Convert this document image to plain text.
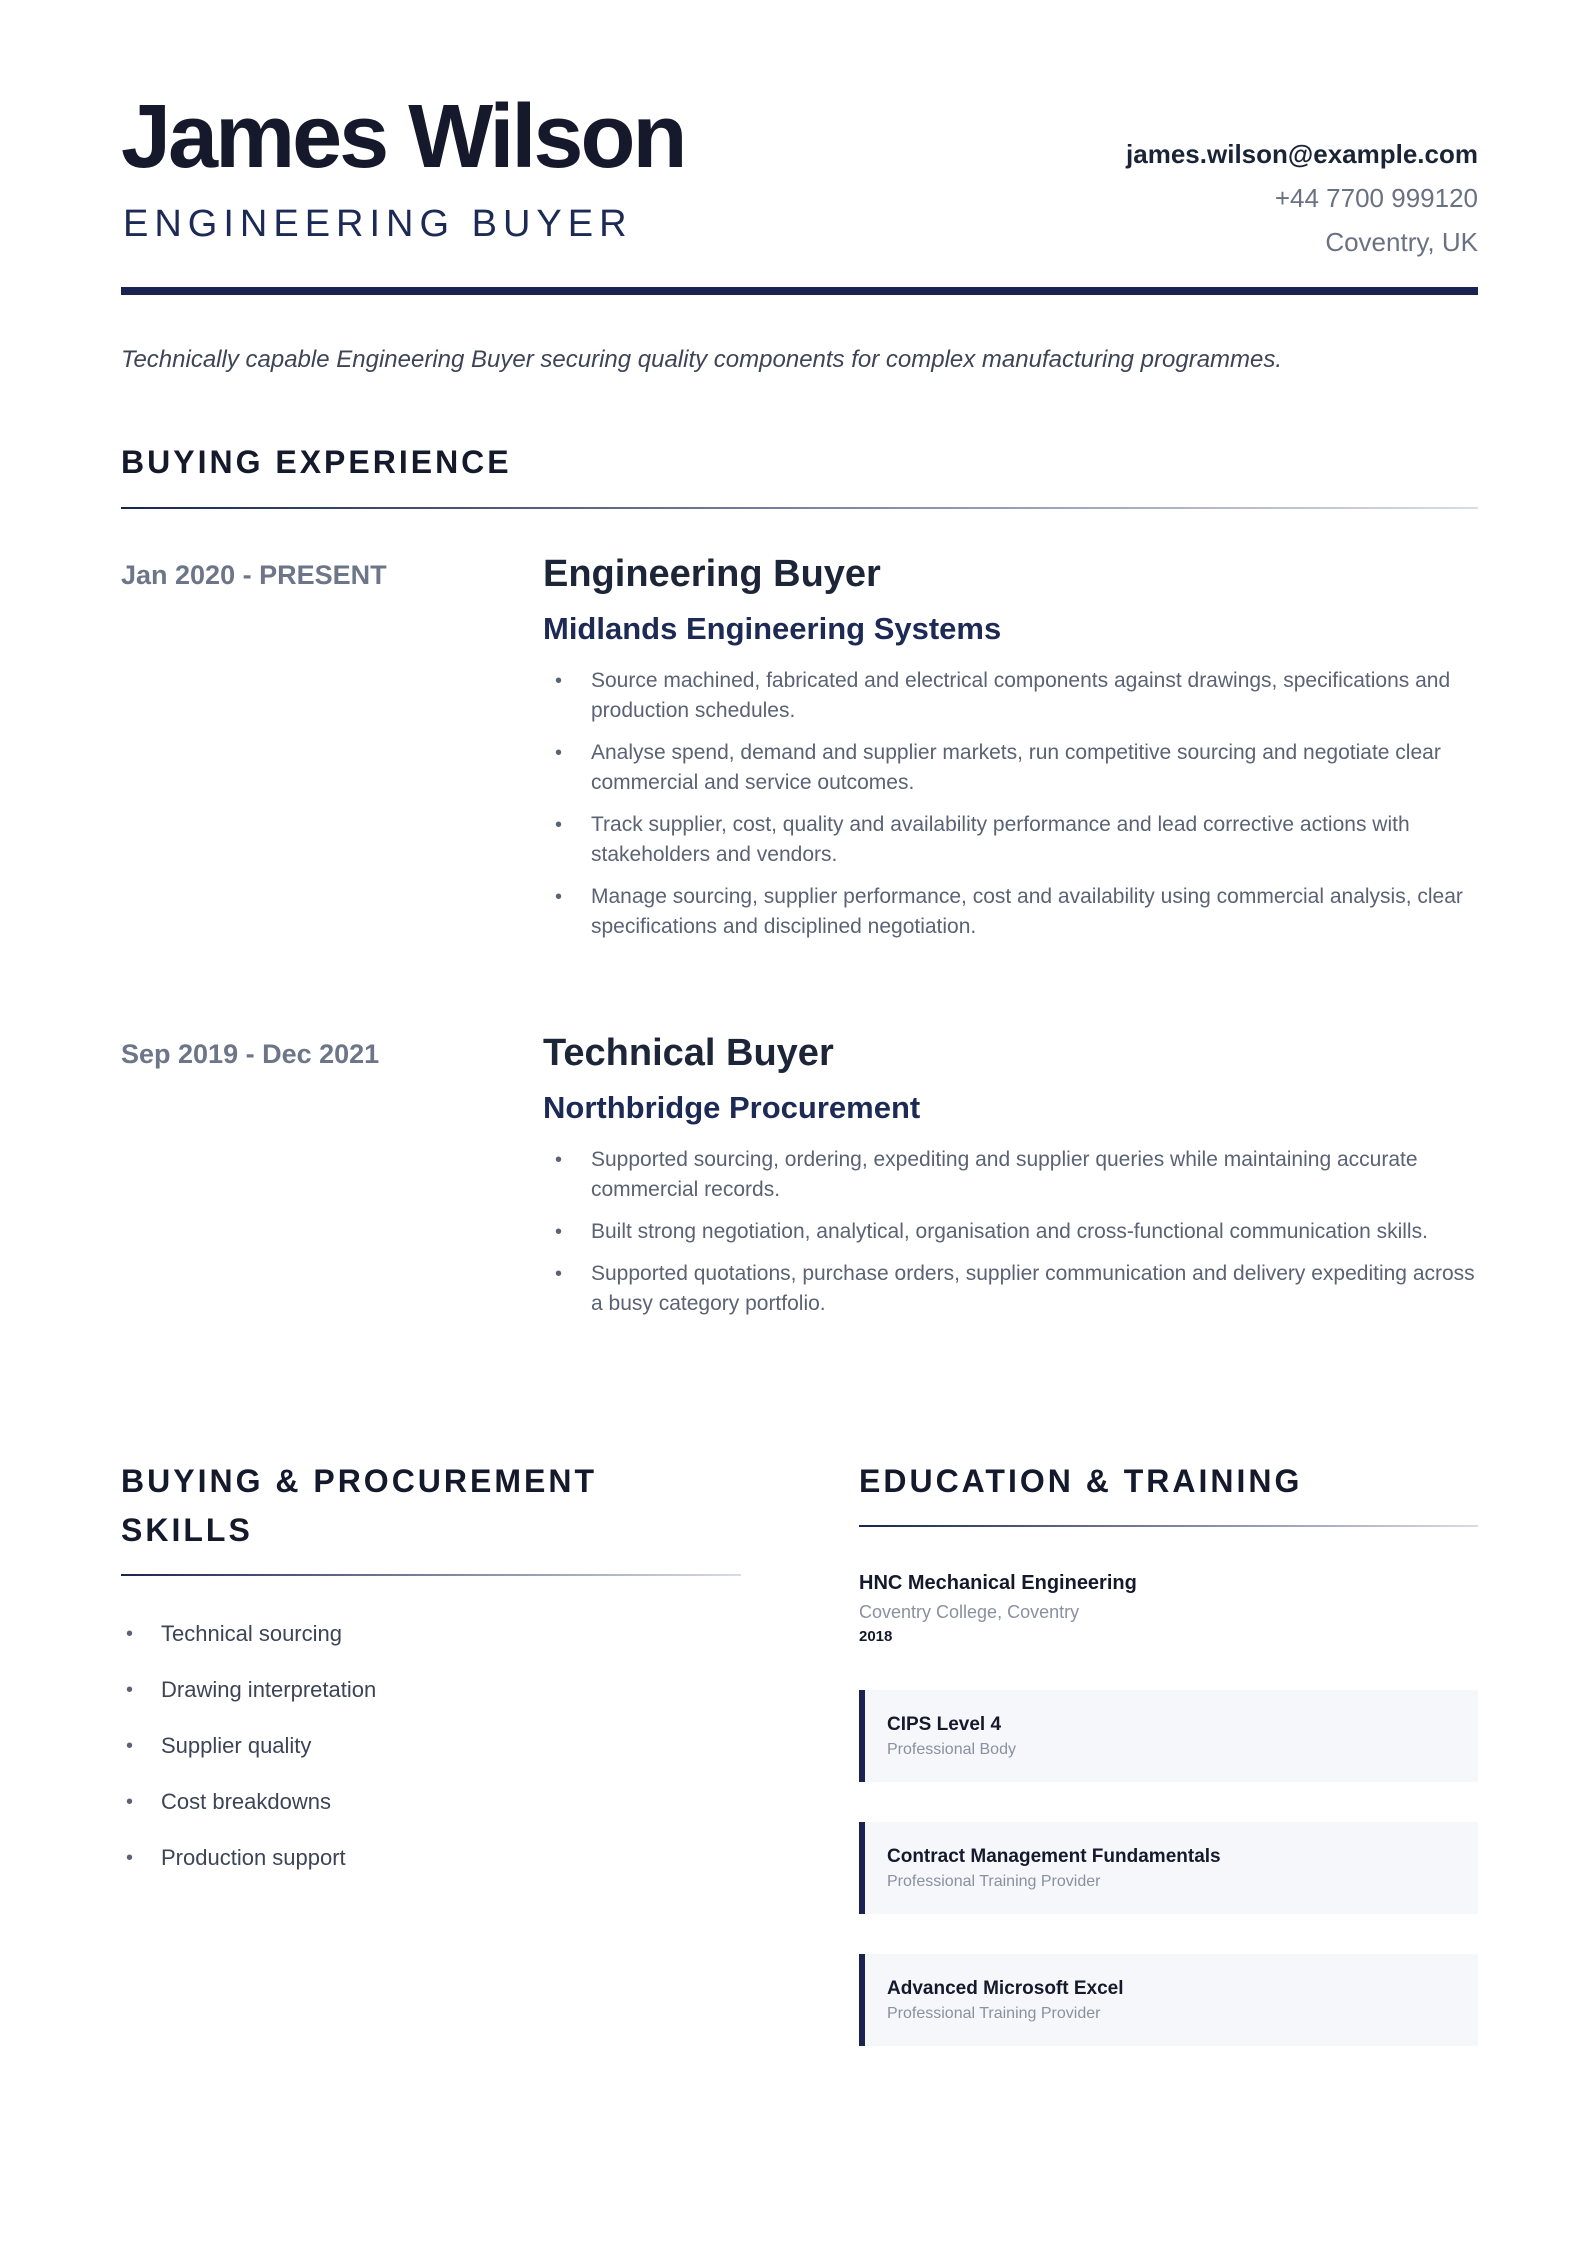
James Wilson
ENGINEERING BUYER
james.wilson@example.com
+44 7700 999120
Coventry, UK

Technically capable Engineering Buyer securing quality components for complex manufacturing programmes.

BUYING EXPERIENCE
Jan 2020 - PRESENT	Engineering Buyer
Midlands Engineering Systems
• Source machined, fabricated and electrical components against drawings, specifications and production schedules.
• Analyse spend, demand and supplier markets, run competitive sourcing and negotiate clear commercial and service outcomes.
• Track supplier, cost, quality and availability performance and lead corrective actions with stakeholders and vendors.
• Manage sourcing, supplier performance, cost and availability using commercial analysis, clear specifications and disciplined negotiation.
Sep 2019 - Dec 2021	Technical Buyer
Northbridge Procurement
• Supported sourcing, ordering, expediting and supplier queries while maintaining accurate commercial records.
• Built strong negotiation, analytical, organisation and cross-functional communication skills.
• Supported quotations, purchase orders, supplier communication and delivery expediting across a busy category portfolio.
BUYING & PROCUREMENT
SKILLS
• Technical sourcing
• Drawing interpretation
• Supplier quality
• Cost breakdowns
• Production support
EDUCATION & TRAINING
HNC Mechanical Engineering
Coventry College, Coventry
2018
CIPS Level 4
Professional Body
Contract Management Fundamentals
Professional Training Provider
Advanced Microsoft Excel
Professional Training Provider
